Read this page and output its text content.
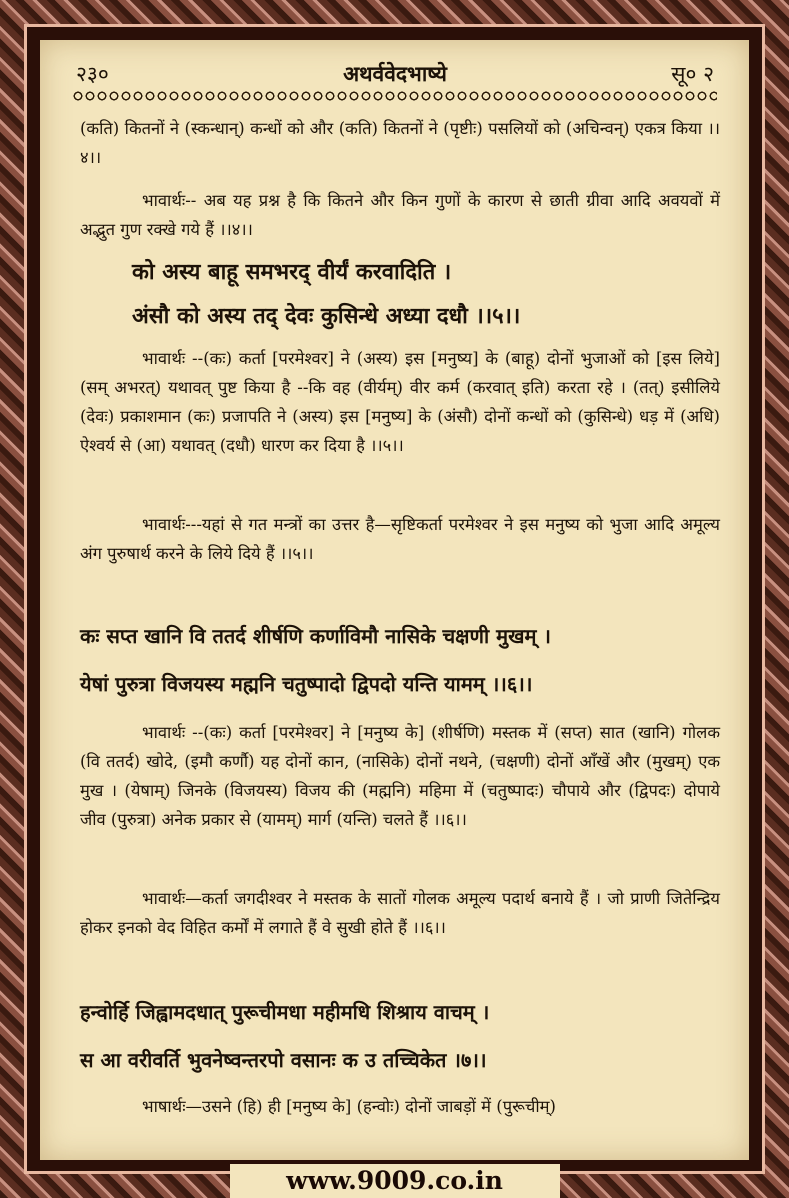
२३०	अथर्ववेदभाष्ये	सू० २

(कति) कितनों ने (स्कन्धान्) कन्धों को और (कति) कितनों ने (पृष्टीः) पसलियों को (अचिन्वन्) एकत्र किया ।।४।।

भावार्थः-- अब यह प्रश्न है कि कितने और किन गुणों के कारण से छाती ग्रीवा आदि अवयवों में अद्भुत गुण रक्खे गये हैं ।।४।।

को अस्य बाहू समभरद् वीर्यं करवादिति ।

अंसौ को अस्य तद् देवः कुसिन्धे अध्या दधौ ।।५।।

भावार्थः --(कः) कर्ता [परमेश्वर] ने (अस्य) इस [मनुष्य] के (बाहू) दोनों भुजाओं को [इस लिये] (सम् अभरत्) यथावत् पुष्ट किया है --कि वह (वीर्यम्) वीर कर्म (करवात् इति) करता रहे । (तत्) इसीलिये (देवः) प्रकाशमान (कः) प्रजापति ने (अस्य) इस [मनुष्य] के (अंसौ) दोनों कन्धों को (कुसिन्धे) धड़ में (अधि) ऐश्वर्य से (आ) यथावत् (दधौ) धारण कर दिया है ।।५।।

भावार्थः---यहां से गत मन्त्रों का उत्तर है—सृष्टिकर्ता परमेश्वर ने इस मनुष्य को भुजा आदि अमूल्य अंग पुरुषार्थ करने के लिये दिये हैं ।।५।।

कः सप्त खानि वि ततर्द शीर्षणि कर्णाविमौ नासिके चक्षणी मुखम् ।

येषां पुरुत्रा विजयस्य मह्मनि चतुष्पादो द्विपदो यन्ति यामम् ।।६।।

भावार्थः --(कः) कर्ता [परमेश्वर] ने [मनुष्य के] (शीर्षणि) मस्तक में (सप्त) सात (खानि) गोलक (वि ततर्द) खोदे, (इमौ कर्णौ) यह दोनों कान, (नासिके) दोनों नथने, (चक्षणी) दोनों आँखें और (मुखम्) एक मुख । (येषाम्) जिनके (विजयस्य) विजय की (मह्मनि) महिमा में (चतुष्पादः) चौपाये और (द्विपदः) दोपाये जीव (पुरुत्रा) अनेक प्रकार से (यामम्) मार्ग (यन्ति) चलते हैं ।।६।।

भावार्थः—कर्ता जगदीश्वर ने मस्तक के सातों गोलक अमूल्य पदार्थ बनाये हैं । जो प्राणी जितेन्द्रिय होकर इनको वेद विहित कर्मों में लगाते हैं वे सुखी होते हैं ।।६।।

हन्वोर्हि जिह्वामदधात् पुरूचीमधा महीमधि शिश्राय वाचम् ।

स आ वरीवर्ति भुवनेष्वन्तरपो वसानः क उ तच्चिकेत ।७।।

भाषार्थः—उसने (हि) ही [मनुष्य के] (हन्वोः) दोनों जाबड़ों में (पुरूचीम्)

www.9009.co.in
